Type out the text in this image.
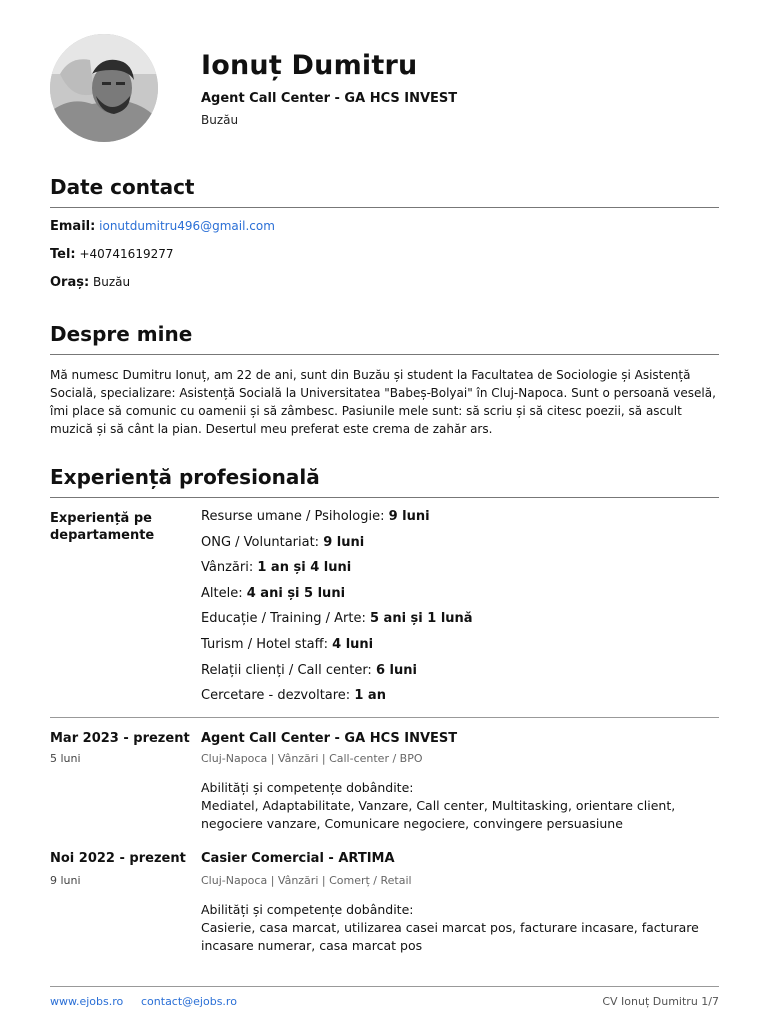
Ionuț Dumitru
Agent Call Center - GA HCS INVEST
Buzău
Date contact
Email: ionutdumitru496@gmail.com
Tel: +40741619277
Oraș: Buzău
Despre mine
Mă numesc Dumitru Ionuț, am 22 de ani, sunt din Buzău și student la Facultatea de Sociologie și Asistență Socială, specializare: Asistență Socială la Universitatea "Babeș-Bolyai" în Cluj-Napoca. Sunt o persoană veselă, îmi place să comunic cu oamenii și să zâmbesc. Pasiunile mele sunt: să scriu și să citesc poezii, să ascult muzică și să cânt la pian. Desertul meu preferat este crema de zahăr ars.
Experiență profesională
Experiență pe departamente
Resurse umane / Psihologie: 9 luni
ONG / Voluntariat: 9 luni
Vânzări: 1 an și 4 luni
Altele: 4 ani și 5 luni
Educație / Training / Arte: 5 ani și 1 lună
Turism / Hotel staff: 4 luni
Relații clienți / Call center: 6 luni
Cercetare - dezvoltare: 1 an
Mar 2023 - prezent
5 luni
Agent Call Center - GA HCS INVEST
Cluj-Napoca | Vânzări | Call-center / BPO
Abilități și competențe dobândite:
Mediatel, Adaptabilitate, Vanzare, Call center, Multitasking, orientare client, negociere vanzare, Comunicare negociere, convingere persuasiune
Noi 2022 - prezent
9 luni
Casier Comercial - ARTIMA
Cluj-Napoca | Vânzări | Comerț / Retail
Abilități și competențe dobândite:
Casierie, casa marcat, utilizarea casei marcat pos, facturare incasare, facturare incasare numerar, casa marcat pos
www.ejobs.ro contact@ejobs.ro	CV Ionuț Dumitru 1/7
